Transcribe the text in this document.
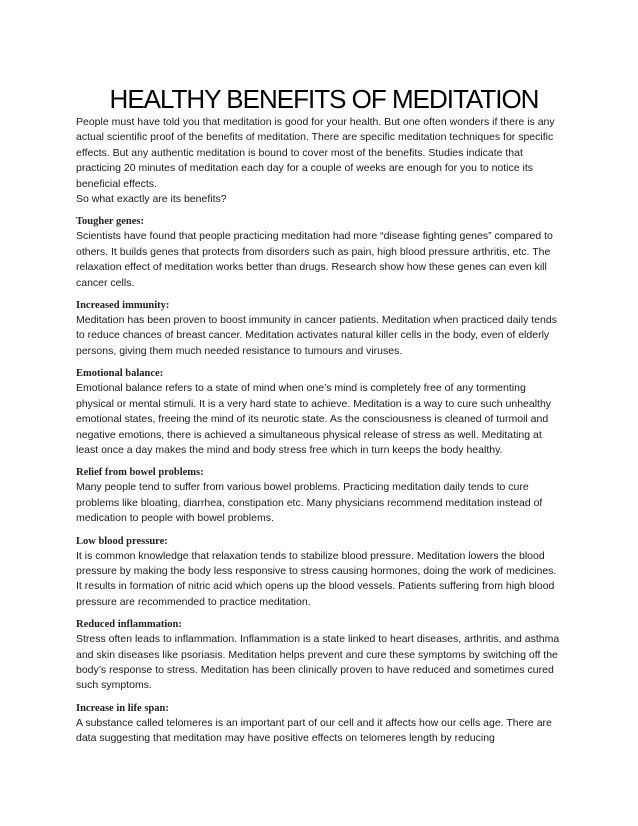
HEALTHY BENEFITS OF MEDITATION

People must have told you that meditation is good for your health. But one often wonders if there is any actual scientific proof of the benefits of meditation. There are specific meditation techniques for specific effects. But any authentic meditation is bound to cover most of the benefits. Studies indicate that practicing 20 minutes of meditation each day for a couple of weeks are enough for you to notice its beneficial effects.

So what exactly are its benefits?

Tougher genes:

Scientists have found that people practicing meditation had more “disease fighting genes” compared to others. It builds genes that protects from disorders such as pain, high blood pressure arthritis, etc. The relaxation effect of meditation works better than drugs. Research show how these genes can even kill cancer cells.

Increased immunity:

Meditation has been proven to boost immunity in cancer patients. Meditation when practiced daily tends to reduce chances of breast cancer. Meditation activates natural killer cells in the body, even of elderly persons, giving them much needed resistance to tumours and viruses.

Emotional balance:

Emotional balance refers to a state of mind when one’s mind is completely free of any tormenting physical or mental stimuli. It is a very hard state to achieve. Meditation is a way to cure such unhealthy emotional states, freeing the mind of its neurotic state. As the consciousness is cleaned of turmoil and negative emotions, there is achieved a simultaneous physical release of stress as well. Meditating at least once a day makes the mind and body stress free which in turn keeps the body healthy.

Relief from bowel problems:

Many people tend to suffer from various bowel problems. Practicing meditation daily tends to cure problems like bloating, diarrhea, constipation etc. Many physicians recommend meditation instead of medication to people with bowel problems.

Low blood pressure:

It is common knowledge that relaxation tends to stabilize blood pressure. Meditation lowers the blood pressure by making the body less responsive to stress causing hormones, doing the work of medicines. It results in formation of nitric acid which opens up the blood vessels. Patients suffering from high blood pressure are recommended to practice meditation.

Reduced inflammation:

Stress often leads to inflammation. Inflammation is a state linked to heart diseases, arthritis, and asthma and skin diseases like psoriasis. Meditation helps prevent and cure these symptoms by switching off the body’s response to stress. Meditation has been clinically proven to have reduced and sometimes cured such symptoms.

Increase in life span:

A substance called telomeres is an important part of our cell and it affects how our cells age. There are data suggesting that meditation may have positive effects on telomeres length by reducing
